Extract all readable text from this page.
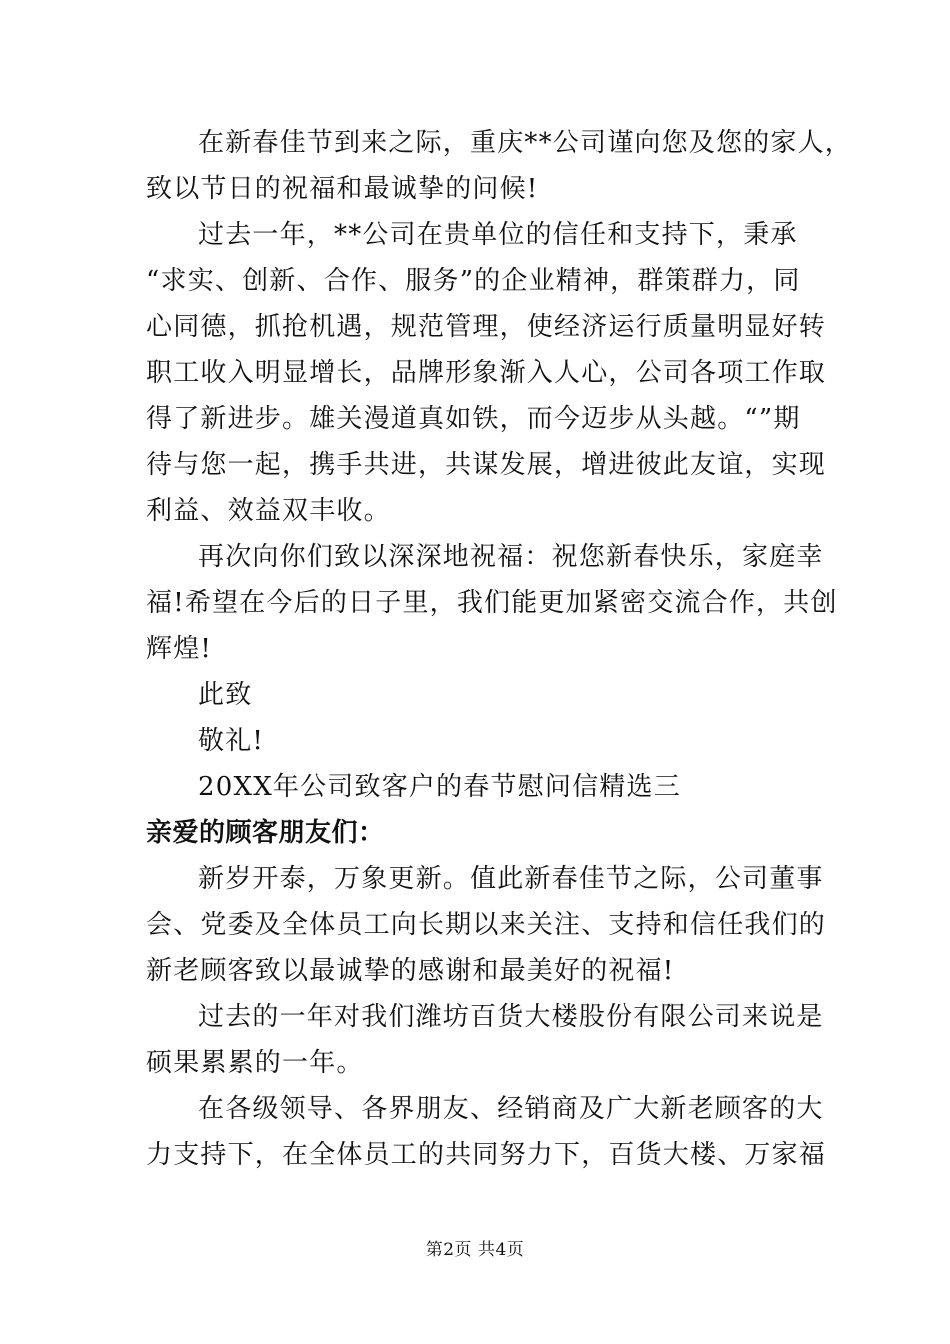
在新春佳节到来之际，重庆**公司谨向您及您的家人，
致以节日的祝福和最诚挚的问候!
过去一年，**公司在贵单位的信任和支持下，秉承
“求实、创新、合作、服务”的企业精神，群策群力，同
心同德，抓抢机遇，规范管理，使经济运行质量明显好转
职工收入明显增长，品牌形象渐入人心，公司各项工作取
得了新进步。雄关漫道真如铁，而今迈步从头越。“”期
待与您一起，携手共进，共谋发展，增进彼此友谊，实现
利益、效益双丰收。
再次向你们致以深深地祝福：祝您新春快乐，家庭幸
福!希望在今后的日子里，我们能更加紧密交流合作，共创
辉煌!
此致
敬礼!
20XX年公司致客户的春节慰问信精选三
亲爱的顾客朋友们：
新岁开泰，万象更新。值此新春佳节之际，公司董事
会、党委及全体员工向长期以来关注、支持和信任我们的
新老顾客致以最诚挚的感谢和最美好的祝福!
过去的一年对我们潍坊百货大楼股份有限公司来说是
硕果累累的一年。
在各级领导、各界朋友、经销商及广大新老顾客的大
力支持下，在全体员工的共同努力下，百货大楼、万家福
第2页 共4页
